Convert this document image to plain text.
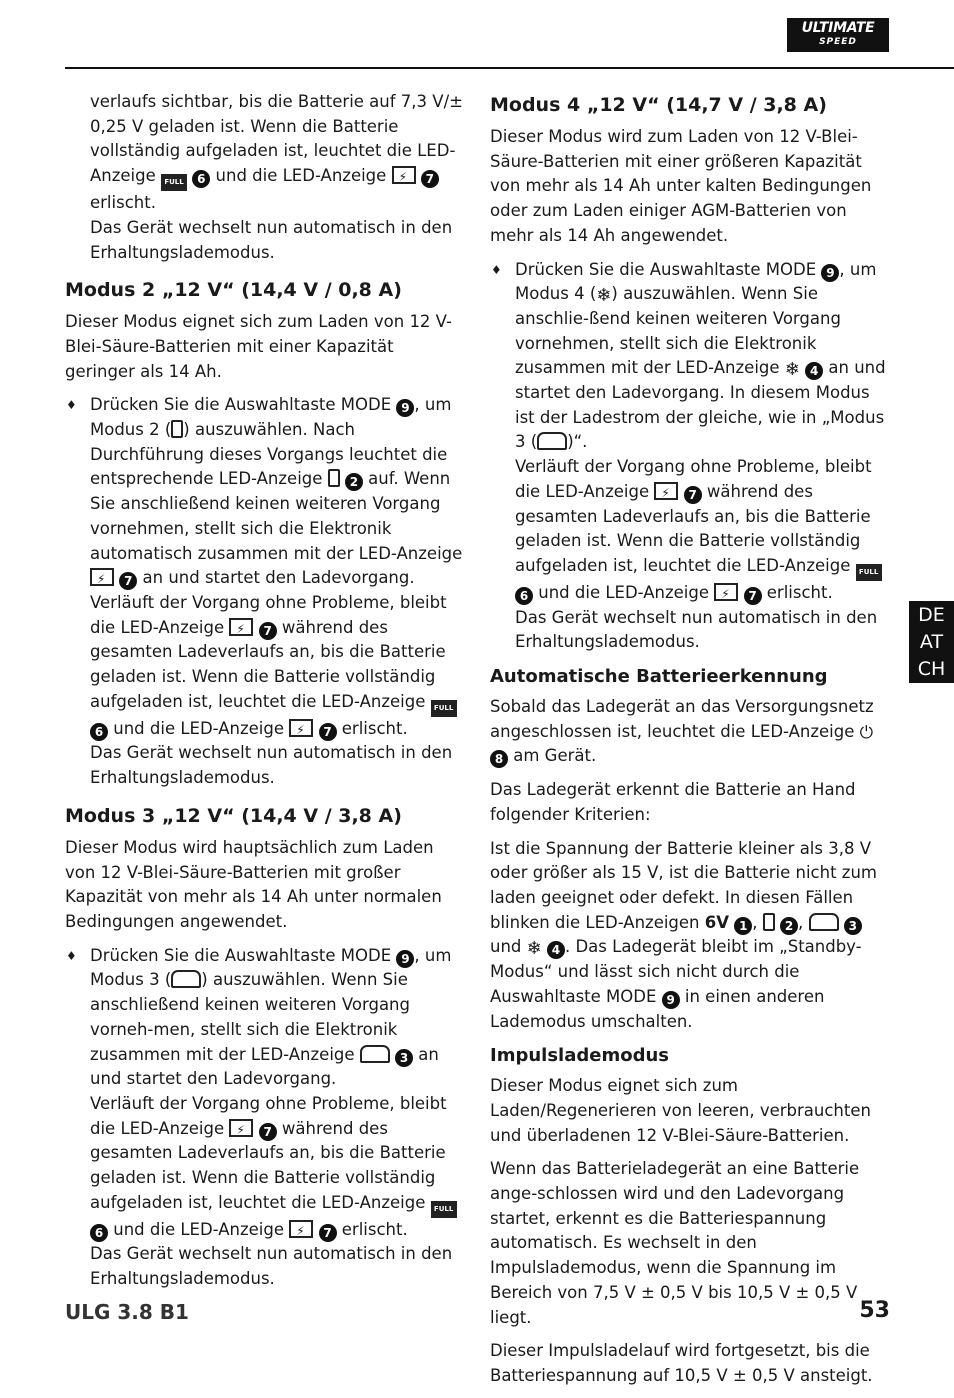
ULTIMATE
SPEED

verlaufs sichtbar, bis die Batterie auf 7,3 V/± 0,25 V geladen ist. Wenn die Batterie vollständig aufgeladen ist, leuchtet die LED-Anzeige FULL 6 und die LED-Anzeige ⚡	7 erlischt.

Das Gerät wechselt nun automatisch in den Erhaltungslademodus.

Modus 2 „12 V“ (14,4 V / 0,8 A)

Dieser Modus eignet sich zum Laden von 12 V-Blei-Säure-Batterien mit einer Kapazität geringer als 14 Ah.

♦ Drücken Sie die Auswahltaste MODE 9 , um Modus 2 ( ) auszuwählen. Nach Durchführung dieses Vorgangs leuchtet die entsprechende LED-Anzeige 2 auf. Wenn Sie anschließend keinen weiteren Vorgang vornehmen, stellt sich die Elektronik automatisch zusammen mit der LED-Anzeige ⚡ 7 an und startet den Ladevorgang.

Verläuft der Vorgang ohne Probleme, bleibt die LED-Anzeige ⚡	7 während des gesamten Ladeverlaufs an, bis die Batterie geladen ist. Wenn die Batterie vollständig aufgeladen ist, leuchtet die LED-Anzeige FULL 6 und die LED-Anzeige ⚡	7 erlischt.

Das Gerät wechselt nun automatisch in den Erhaltungslademodus.

Modus 3 „12 V“ (14,4 V / 3,8 A)

Dieser Modus wird hauptsächlich zum Laden von 12 V-Blei-Säure-Batterien mit großer Kapazität von mehr als 14 Ah unter normalen Bedingungen angewendet.

♦ Drücken Sie die Auswahltaste MODE 9 , um Modus 3 ( ) auszuwählen. Wenn Sie anschließend keinen weiteren Vorgang vorneh-men, stellt sich die Elektronik zusammen mit der LED-Anzeige	3 an und startet den Ladevorgang.

Verläuft der Vorgang ohne Probleme, bleibt die LED-Anzeige ⚡	7 während des gesamten Ladeverlaufs an, bis die Batterie geladen ist. Wenn die Batterie vollständig aufgeladen ist, leuchtet die LED-Anzeige FULL 6 und die LED-Anzeige ⚡	7 erlischt.

Das Gerät wechselt nun automatisch in den Erhaltungslademodus.

Modus 4 „12 V“ (14,7 V / 3,8 A)

Dieser Modus wird zum Laden von 12 V-Blei-Säure-Batterien mit einer größeren Kapazität von mehr als 14 Ah unter kalten Bedingungen oder zum Laden einiger AGM-Batterien von mehr als 14 Ah angewendet.

♦ Drücken Sie die Auswahltaste MODE 9 , um Modus 4 (❄) auszuwählen. Wenn Sie anschlie-ßend keinen weiteren Vorgang vornehmen, stellt sich die Elektronik zusammen mit der LED-Anzeige ❄ 4 an und startet den Ladevorgang. In diesem Modus ist der Ladestrom der gleiche, wie in „Modus 3 ( )“.

Verläuft der Vorgang ohne Probleme, bleibt die LED-Anzeige ⚡	7 während des gesamten Ladeverlaufs an, bis die Batterie geladen ist. Wenn die Batterie vollständig aufgeladen ist, leuchtet die LED-Anzeige FULL 6 und die LED-Anzeige ⚡	7 erlischt.

Das Gerät wechselt nun automatisch in den Erhaltungslademodus.

Automatische Batterieerkennung

Sobald das Ladegerät an das Versorgungsnetz angeschlossen ist, leuchtet die LED-Anzeige ⏻ 8 am Gerät.

Das Ladegerät erkennt die Batterie an Hand folgender Kriterien:

Ist die Spannung der Batterie kleiner als 3,8 V oder größer als 15 V, ist die Batterie nicht zum laden geeignet oder defekt. In diesen Fällen blinken die LED-Anzeigen 6V 1 ,  2 ,	3 und ❄ 4 . Das Ladegerät bleibt im „Standby-Modus“ und lässt sich nicht durch die Auswahltaste MODE 9 in einen anderen Lademodus umschalten.

Impulslademodus

Dieser Modus eignet sich zum Laden/Regenerieren von leeren, verbrauchten und überladenen 12 V-Blei-Säure-Batterien.

Wenn das Batterieladegerät an eine Batterie ange-schlossen wird und den Ladevorgang startet, erkennt es die Batteriespannung automatisch. Es wechselt in den Impulslademodus, wenn die Spannung im Bereich von 7,5 V ± 0,5 V bis 10,5 V ± 0,5 V liegt.

Dieser Impulsladelauf wird fortgesetzt, bis die Batteriespannung auf 10,5 V ± 0,5 V ansteigt.

DE
AT
CH
ULG 3.8 B1	53
